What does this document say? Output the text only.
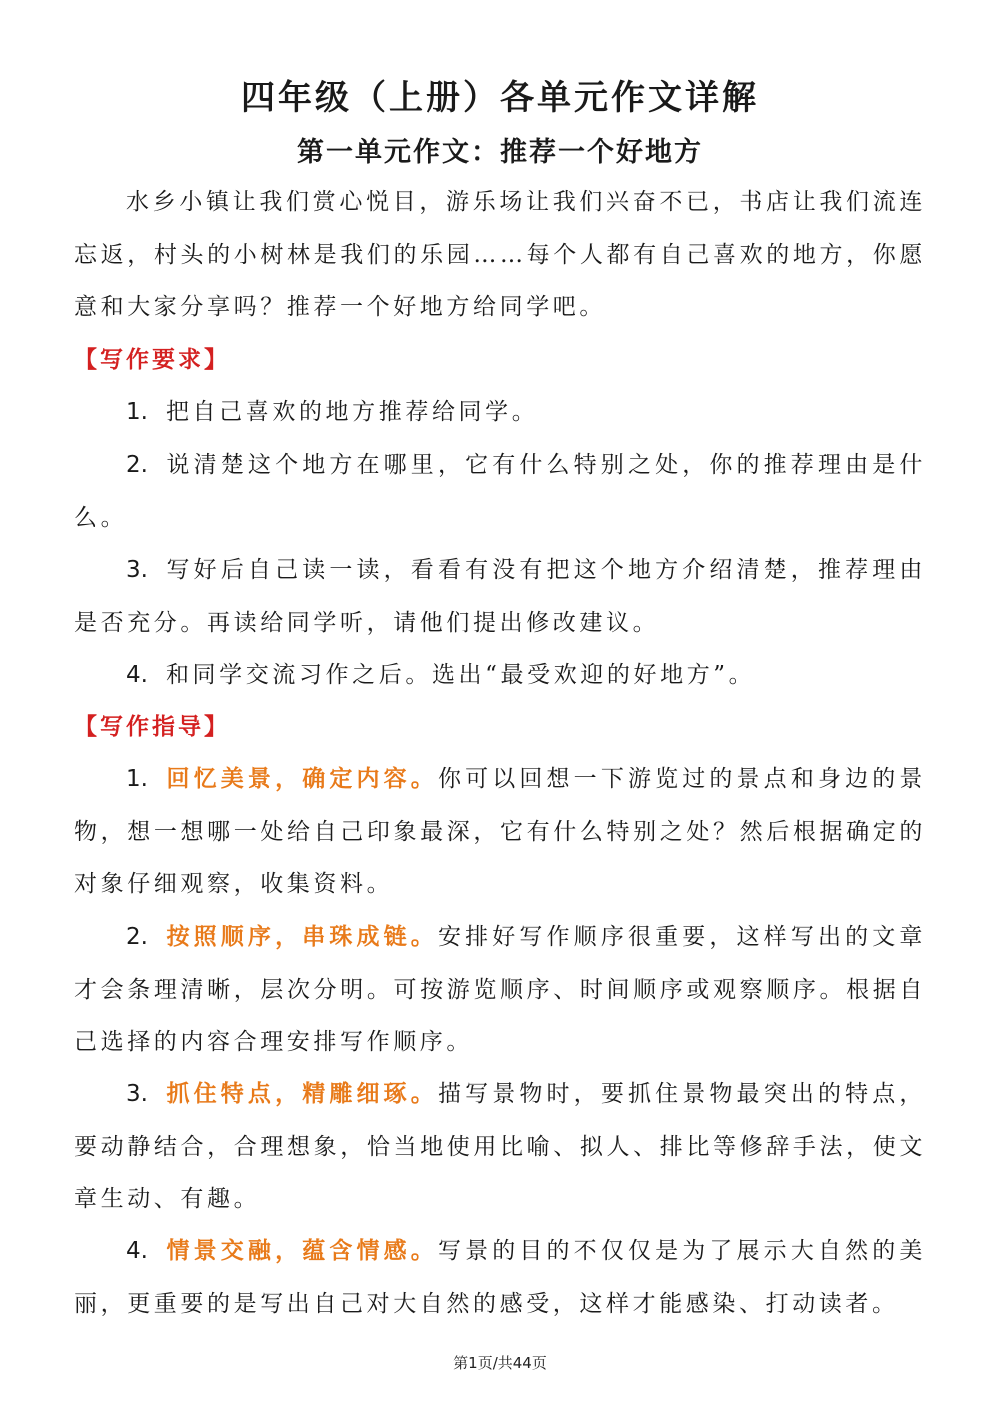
四年级（上册）各单元作文详解
第一单元作文：推荐一个好地方
水乡小镇让我们赏心悦目，游乐场让我们兴奋不已，书店让我们流连忘返，村头的小树林是我们的乐园……每个人都有自己喜欢的地方，你愿意和大家分享吗？推荐一个好地方给同学吧。
【写作要求】
1. 把自己喜欢的地方推荐给同学。
2. 说清楚这个地方在哪里，它有什么特别之处，你的推荐理由是什么。
3. 写好后自己读一读，看看有没有把这个地方介绍清楚，推荐理由是否充分。再读给同学听，请他们提出修改建议。
4. 和同学交流习作之后。选出“最受欢迎的好地方”。
【写作指导】
1. 回忆美景，确定内容。你可以回想一下游览过的景点和身边的景物，想一想哪一处给自己印象最深，它有什么特别之处？然后根据确定的对象仔细观察，收集资料。
2. 按照顺序，串珠成链。安排好写作顺序很重要，这样写出的文章才会条理清晰，层次分明。可按游览顺序、时间顺序或观察顺序。根据自己选择的内容合理安排写作顺序。
3. 抓住特点，精雕细琢。描写景物时，要抓住景物最突出的特点，要动静结合，合理想象，恰当地使用比喻、拟人、排比等修辞手法，使文章生动、有趣。
4. 情景交融，蕴含情感。写景的目的不仅仅是为了展示大自然的美丽，更重要的是写出自己对大自然的感受，这样才能感染、打动读者。
第1页/共44页
